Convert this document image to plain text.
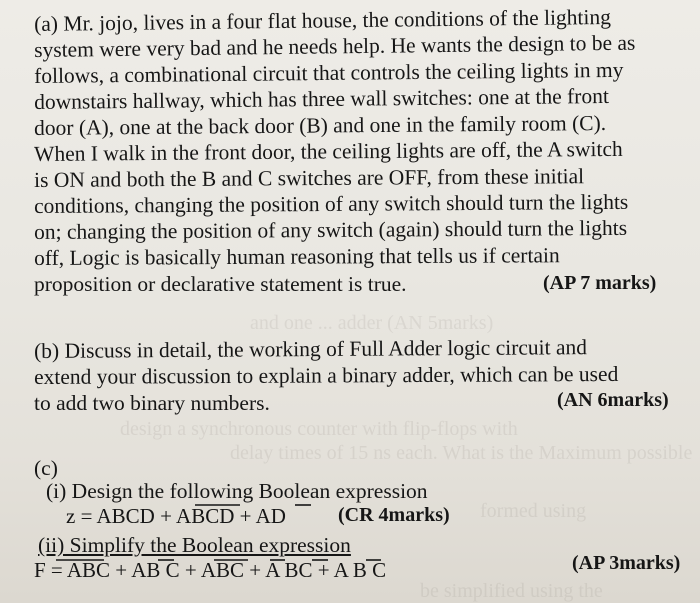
and one ... adder (AN 5marks)
design a synchronous counter with flip-flops with
delay times of 15 ns each. What is the Maximum possible
formed using
be simplified using the
(a) Mr. jojo, lives in a four flat house, the conditions of the lighting
system were very bad and he needs help. He wants the design to be as
follows, a combinational circuit that controls the ceiling lights in my
downstairs hallway, which has three wall switches: one at the front
door (A), one at the back door (B) and one in the family room (C).
When I walk in the front door, the ceiling lights are off, the A switch
is ON and both the B and C switches are OFF, from these initial
conditions, changing the position of any switch should turn the lights
on; changing the position of any switch (again) should turn the lights
off, Logic is basically human reasoning that tells us if certain
proposition or declarative statement is true.	(AP 7 marks)
(b) Discuss in detail, the working of Full Adder logic circuit and
extend your discussion to explain a binary adder, which can be used
to add two binary numbers.	(AN 6marks)
(c)
(i) Design the following Boolean expression
z = ABCD + ABCD + AD	(CR 4marks)
(ii) Simplify the Boolean expression
F = ABC + AB C + ABC + A BC + A B C	(AP 3marks)
